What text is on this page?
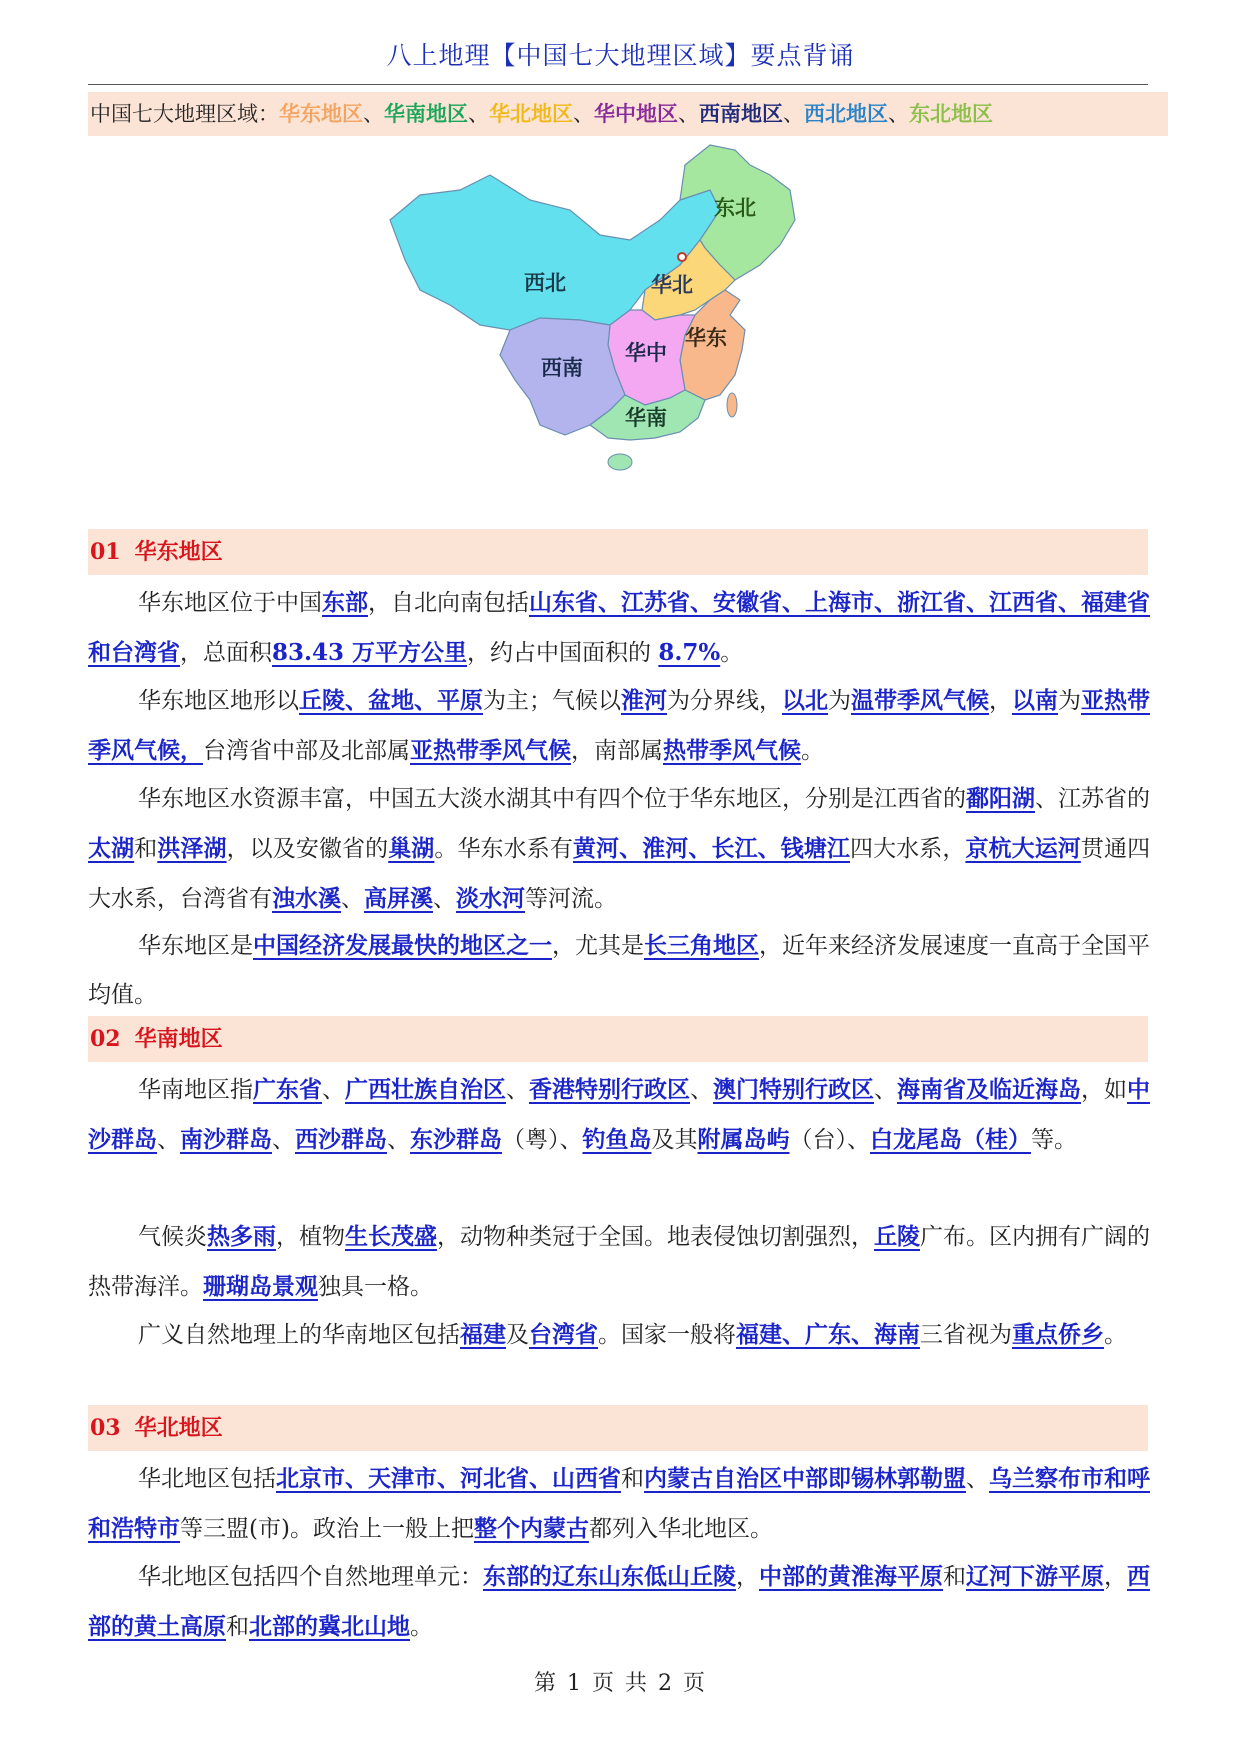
八上地理【中国七大地理区域】要点背诵
中国七大地理区域：华东地区、华南地区、华北地区、华中地区、西南地区、西北地区、东北地区
东北
华北
西北
西南
华中
华东
华南
01 华东地区

华东地区位于中国东部，自北向南包括山东省、江苏省、安徽省、上海市、浙江省、江西省、福建省和台湾省，总面积83.43 万平方公里，约占中国面积的 8.7%。

华东地区地形以丘陵、盆地、平原为主；气候以淮河为分界线，以北为温带季风气候，以南为亚热带季风气候，台湾省中部及北部属亚热带季风气候，南部属热带季风气候。

华东地区水资源丰富，中国五大淡水湖其中有四个位于华东地区，分别是江西省的鄱阳湖、江苏省的太湖和洪泽湖，以及安徽省的巢湖。华东水系有黄河、淮河、长江、钱塘江四大水系，京杭大运河贯通四大水系，台湾省有浊水溪、高屏溪、淡水河等河流。

华东地区是中国经济发展最快的地区之一，尤其是长三角地区，近年来经济发展速度一直高于全国平均值。

02 华南地区

华南地区指广东省、广西壮族自治区、香港特别行政区、澳门特别行政区、海南省及临近海岛，如中沙群岛、南沙群岛、西沙群岛、东沙群岛（粤）、钓鱼岛及其附属岛屿（台）、白龙尾岛（桂）等。

气候炎热多雨，植物生长茂盛，动物种类冠于全国。地表侵蚀切割强烈，丘陵广布。区内拥有广阔的热带海洋。珊瑚岛景观独具一格。

广义自然地理上的华南地区包括福建及台湾省。国家一般将福建、广东、海南三省视为重点侨乡。

03 华北地区

华北地区包括北京市、天津市、河北省、山西省和内蒙古自治区中部即锡林郭勒盟、乌兰察布市和呼和浩特市等三盟(市)。政治上一般上把整个内蒙古都列入华北地区。

华北地区包括四个自然地理单元：东部的辽东山东低山丘陵，中部的黄淮海平原和辽河下游平原，西部的黄土高原和北部的冀北山地。

第 1 页 共 2 页
